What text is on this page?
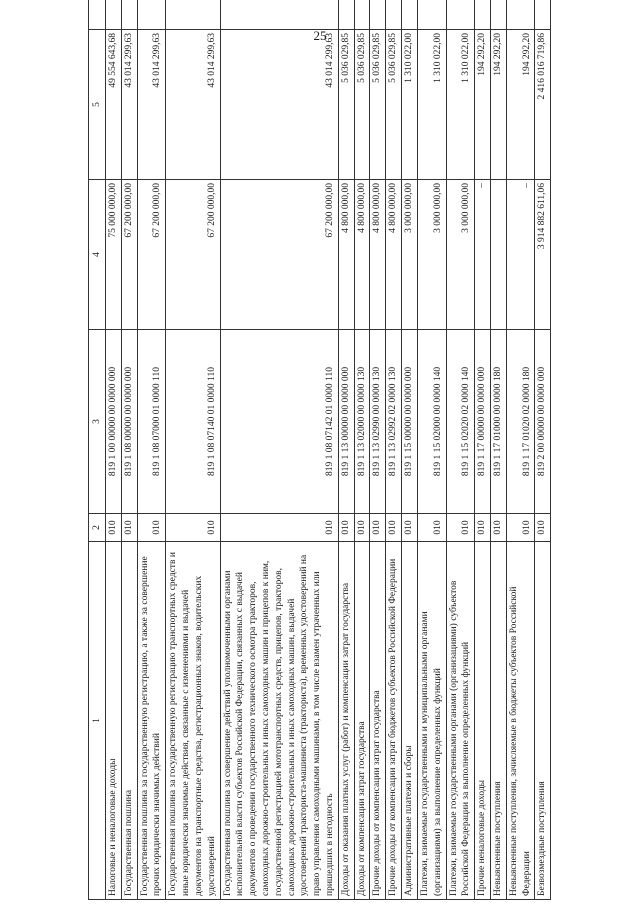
25
1	2	3	4	5	
Налоговые и неналоговые доходы	010	819 1 00 00000 00 0000 000	75 000 000,00	49 554 643,68	
Государственная пошлина	010	819 1 08 00000 00 0000 000	67 200 000,00	43 014 299,63	
Государственная пошлина за государственную регистрацию, а также за совершение прочих юридически значимых действий	010	819 1 08 07000 01 0000 110	67 200 000,00	43 014 299,63	
Государственная пошлина за государственную регистрацию транспортных средств и иные юридически значимые действия, связанные с изменениями и выдачей документов на транспортные средства, регистрационных знаков, водительских удостоверений	010	819 1 08 07140 01 0000 110	67 200 000,00	43 014 299,63	
Государственная пошлина за совершение действий уполномоченными органами исполнительной власти субъектов Российской Федерации, связанных с выдачей документов о проведении государственного технического осмотра тракторов, самоходных дорожно-строительных и иных самоходных машин и прицепов к ним, государственной регистрацией мототранспортных средств, прицепов, тракторов, самоходных дорожно-строительных и иных самоходных машин, выдачей удостоверений тракториста-машиниста (тракториста), временных удостоверений на право управления самоходными машинами, в том числе взамен утраченных или пришедших в негодность	010	819 1 08 07142 01 0000 110	67 200 000,00	43 014 299,63	
Доходы от оказания платных услуг (работ) и компенсации затрат государства	010	819 1 13 00000 00 0000 000	4 800 000,00	5 036 029,85	
Доходы от компенсации затрат государства	010	819 1 13 02000 00 0000 130	4 800 000,00	5 036 029,85	
Прочие доходы от компенсации затрат государства	010	819 1 13 02990 00 0000 130	4 800 000,00	5 036 029,85	
Прочие доходы от компенсации затрат бюджетов субъектов Российской Федерации	010	819 1 13 02992 02 0000 130	4 800 000,00	5 036 029,85	
Административные платежи и сборы	010	819 1 15 00000 00 0000 000	3 000 000,00	1 310 022,00	
Платежи, взимаемые государственными и муниципальными органами (организациями) за выполнение определенных функций	010	819 1 15 02000 00 0000 140	3 000 000,00	1 310 022,00	
Платежи, взимаемые государственными органами (организациями) субъектов Российской Федерации за выполнение определенных функций	010	819 1 15 02020 02 0000 140	3 000 000,00	1 310 022,00	
Прочие неналоговые доходы	010	819 1 17 00000 00 0000 000	–	194 292,20	
Невыясненные поступления	010	819 1 17 01000 00 0000 180		194 292,20	
Невыясненные поступления, зачисляемые в бюджеты субъектов Российской Федерации	010	819 1 17 01020 02 0000 180	–	194 292,20	
Безвозмездные поступления	010	819 2 00 00000 00 0000 000	3 914 882 611,06	2 416 016 719,86	
